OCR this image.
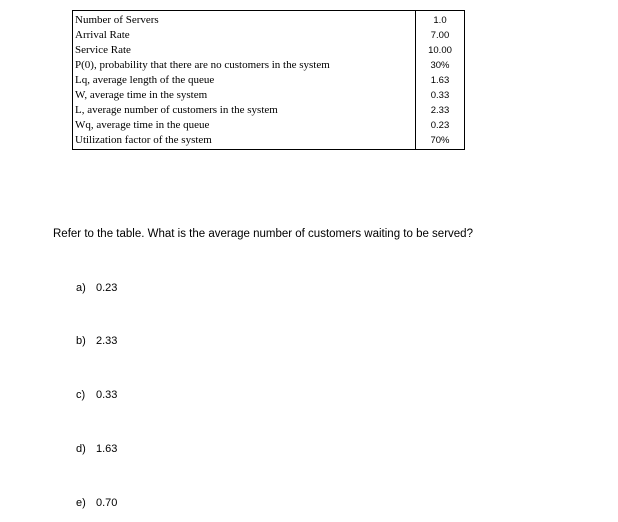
Number of Servers
Arrival Rate
Service Rate
P(0), probability that there are no customers in the system
Lq, average length of the queue
W, average time in the system
L, average number of customers in the system
Wq, average time in the queue
Utilization factor of the system
1.0
7.00
10.00
30%
1.63
0.33
2.33
0.23
70%
Refer to the table. What is the average number of customers waiting to be served?
a) 0.23
b) 2.33
c) 0.33
d) 1.63
e) 0.70
